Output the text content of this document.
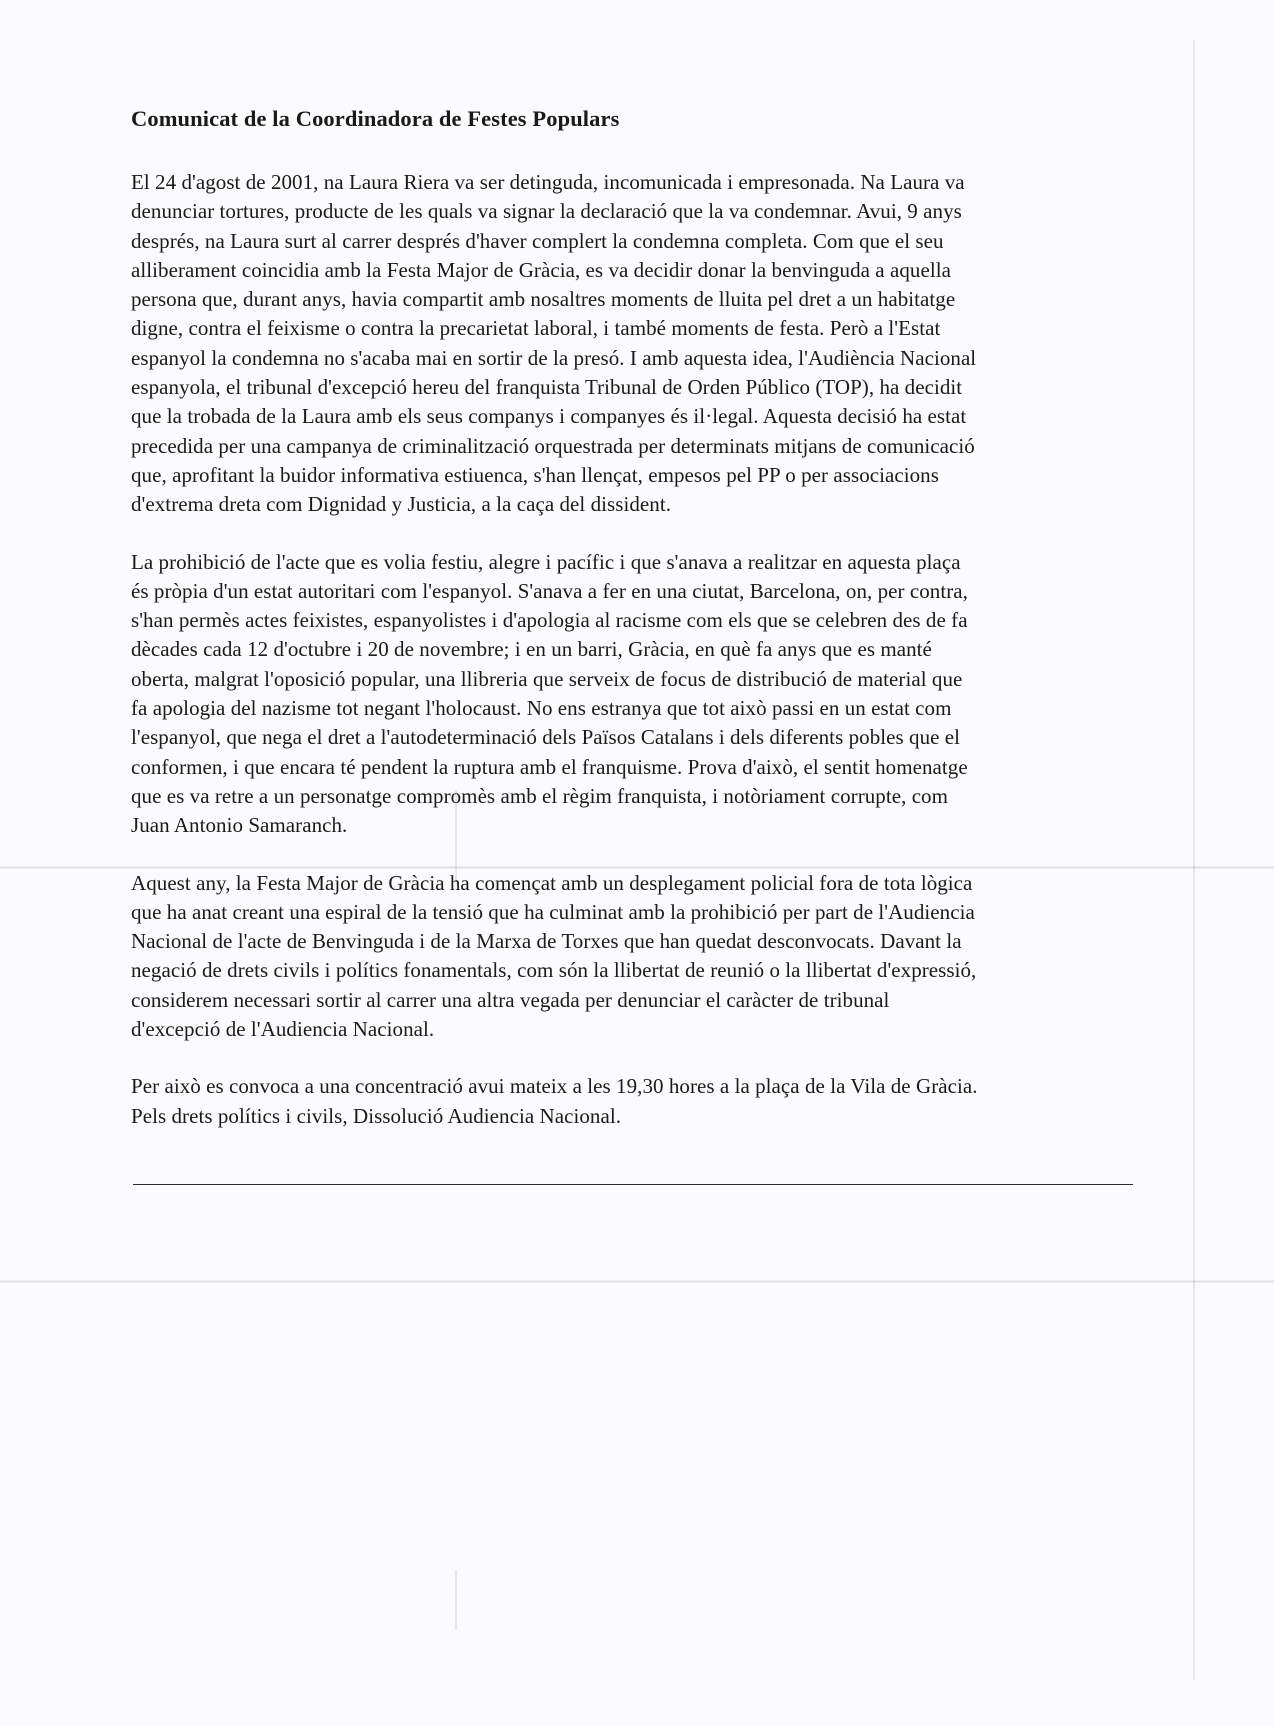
Comunicat de la Coordinadora de Festes Populars

El 24 d'agost de 2001, na Laura Riera va ser detinguda, incomunicada i empresonada. Na Laura va
denunciar tortures, producte de les quals va signar la declaració que la va condemnar. Avui, 9 anys
després, na Laura surt al carrer després d'haver complert la condemna completa. Com que el seu
alliberament coincidia amb la Festa Major de Gràcia, es va decidir donar la benvinguda a aquella
persona que, durant anys, havia compartit amb nosaltres moments de lluita pel dret a un habitatge
digne, contra el feixisme o contra la precarietat laboral, i també moments de festa. Però a l'Estat
espanyol la condemna no s'acaba mai en sortir de la presó. I amb aquesta idea, l'Audiència Nacional
espanyola, el tribunal d'excepció hereu del franquista Tribunal de Orden Público (TOP), ha decidit
que la trobada de la Laura amb els seus companys i companyes és il·legal. Aquesta decisió ha estat
precedida per una campanya de criminalització orquestrada per determinats mitjans de comunicació
que, aprofitant la buidor informativa estiuenca, s'han llençat, empesos pel PP o per associacions
d'extrema dreta com Dignidad y Justicia, a la caça del dissident.

La prohibició de l'acte que es volia festiu, alegre i pacífic i que s'anava a realitzar en aquesta plaça
és pròpia d'un estat autoritari com l'espanyol. S'anava a fer en una ciutat, Barcelona, on, per contra,
s'han permès actes feixistes, espanyolistes i d'apologia al racisme com els que se celebren des de fa
dècades cada 12 d'octubre i 20 de novembre; i en un barri, Gràcia, en què fa anys que es manté
oberta, malgrat l'oposició popular, una llibreria que serveix de focus de distribució de material que
fa apologia del nazisme tot negant l'holocaust. No ens estranya que tot això passi en un estat com
l'espanyol, que nega el dret a l'autodeterminació dels Països Catalans i dels diferents pobles que el
conformen, i que encara té pendent la ruptura amb el franquisme. Prova d'això, el sentit homenatge
que es va retre a un personatge compromès amb el règim franquista, i notòriament corrupte, com
Juan Antonio Samaranch.

Aquest any, la Festa Major de Gràcia ha començat amb un desplegament policial fora de tota lògica
que ha anat creant una espiral de la tensió que ha culminat amb la prohibició per part de l'Audiencia
Nacional de l'acte de Benvinguda i de la Marxa de Torxes que han quedat desconvocats. Davant la
negació de drets civils i polítics fonamentals, com són la llibertat de reunió o la llibertat d'expressió,
considerem necessari sortir al carrer una altra vegada per denunciar el caràcter de tribunal
d'excepció de l'Audiencia Nacional.

Per això es convoca a una concentració avui mateix a les 19,30 hores a la plaça de la Vila de Gràcia.
Pels drets polítics i civils, Dissolució Audiencia Nacional.
